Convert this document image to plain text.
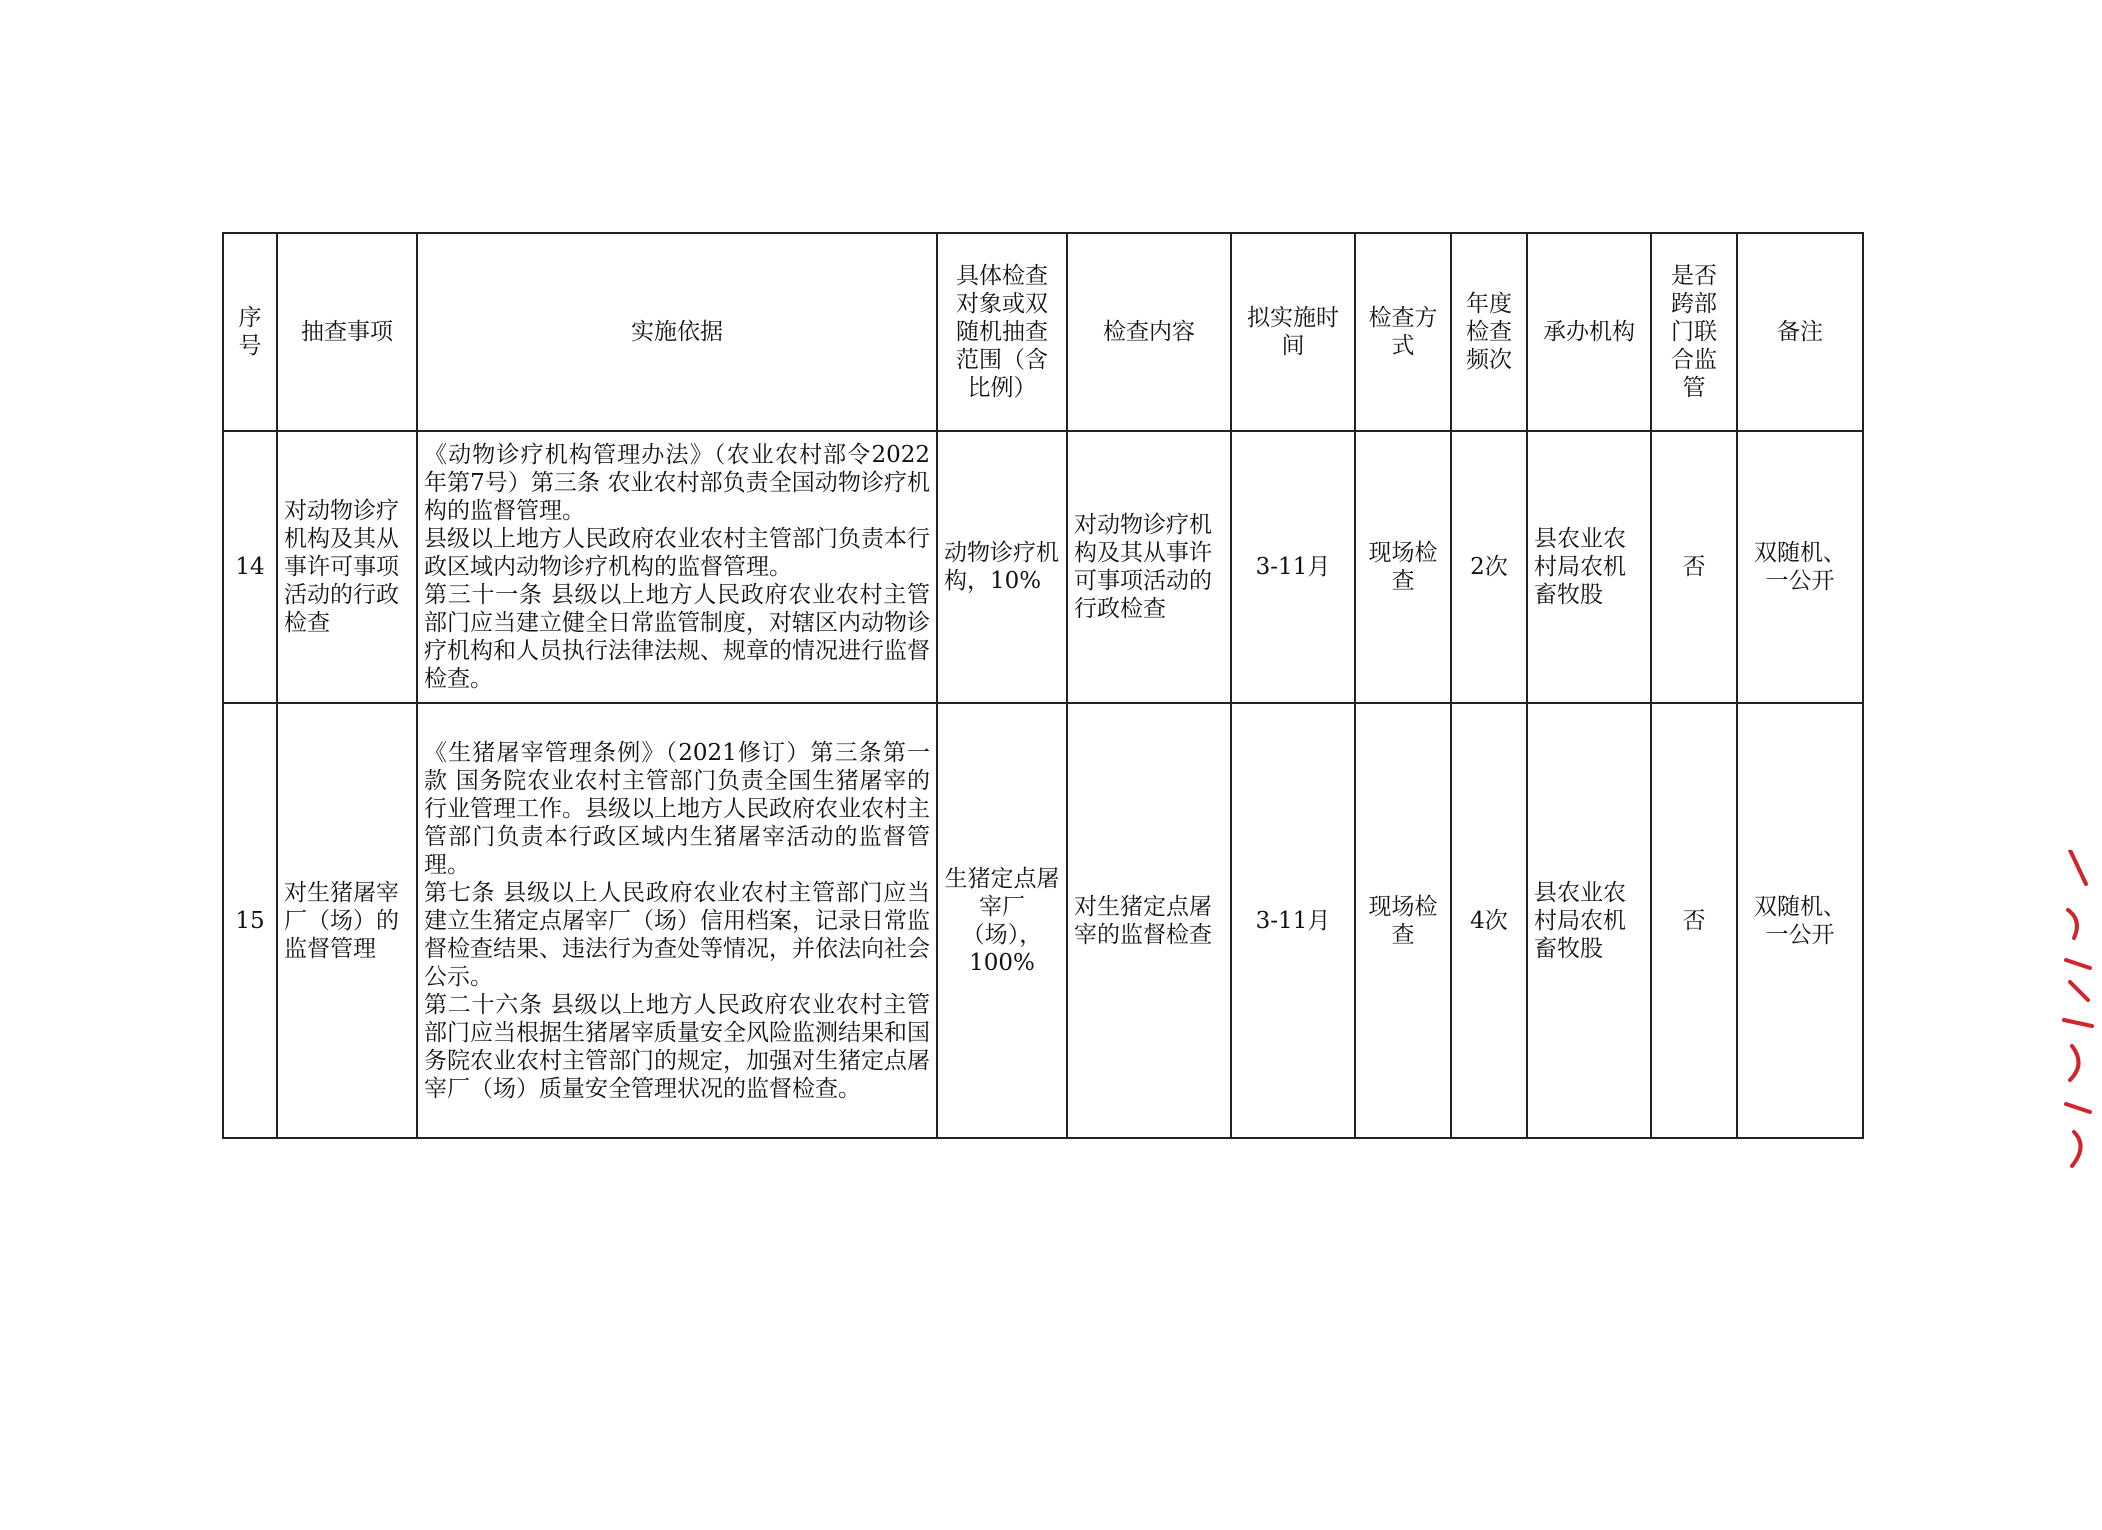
序号	抽查事项	实施依据	具体检查对象或双随机抽查范围（含比例）	检查内容	拟实施时间	检查方式	年度检查频次	承办机构	是否跨部门联合监管	备注
14	对动物诊疗机构及其从事许可事项活动的行政检查	《动物诊疗机构管理办法》（农业农村部令2022年第7号）第三条 农业农村部负责全国动物诊疗机构的监督管理。
县级以上地方人民政府农业农村主管部门负责本行政区域内动物诊疗机构的监督管理。
第三十一条 县级以上地方人民政府农业农村主管部门应当建立健全日常监管制度，对辖区内动物诊疗机构和人员执行法律法规、规章的情况进行监督检查。	动物诊疗机构，10%	对动物诊疗机构及其从事许可事项活动的行政检查	3-11月	现场检查	2次	县农业农村局农机畜牧股	否	双随机、一公开
15	对生猪屠宰厂（场）的监督管理	《生猪屠宰管理条例》（2021修订）第三条第一款 国务院农业农村主管部门负责全国生猪屠宰的行业管理工作。县级以上地方人民政府农业农村主管部门负责本行政区域内生猪屠宰活动的监督管理。
第七条 县级以上人民政府农业农村主管部门应当建立生猪定点屠宰厂（场）信用档案，记录日常监督检查结果、违法行为查处等情况，并依法向社会公示。
第二十六条 县级以上地方人民政府农业农村主管部门应当根据生猪屠宰质量安全风险监测结果和国务院农业农村主管部门的规定，加强对生猪定点屠宰厂（场）质量安全管理状况的监督检查。	生猪定点屠宰厂（场），100%	对生猪定点屠宰的监督检查	3-11月	现场检查	4次	县农业农村局农机畜牧股	否	双随机、一公开
